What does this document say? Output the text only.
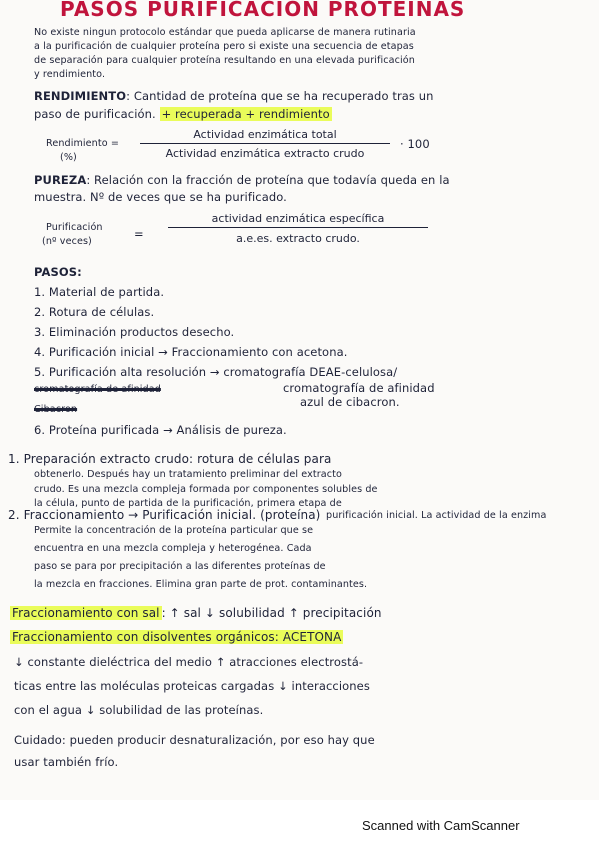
PASOS PURIFICACION PROTEINAS
No existe ningun protocolo estándar que pueda aplicarse de manera rutinaria
a la purificación de cualquier proteína pero si existe una secuencia de etapas
de separación para cualquier proteína resultando en una elevada purificación
y rendimiento.
RENDIMIENTO: Cantidad de proteína que se ha recuperado tras un
paso de purificación. + recuperada + rendimiento
Rendimiento =
(%)
Actividad enzimática total
Actividad enzimática extracto crudo
· 100
PUREZA: Relación con la fracción de proteína que todavía queda en la
muestra. Nº de veces que se ha purificado.
Purificación
(nº veces)
=
actividad enzimática específica
a.e.es. extracto crudo.
PASOS:
1. Material de partida.
2. Rotura de células.
3. Eliminación productos desecho.
4. Purificación inicial → Fraccionamiento con acetona.
5. Purificación alta resolución → cromatografía DEAE-celulosa/
cromatografía de afinidad
azul de cibacron.
cromatografía de afinidad
Cibacron
6. Proteína purificada → Análisis de pureza.
1. Preparación extracto crudo: rotura de células para
obtenerlo. Después hay un tratamiento preliminar del extracto
crudo. Es una mezcla compleja formada por componentes solubles de
la célula, punto de partida de la purificación, primera etapa de
purificación inicial. La actividad de la enzima
2. Fraccionamiento → Purificación inicial. (proteína)
Permite la concentración de la proteína particular que se
encuentra en una mezcla compleja y heterogénea. Cada
paso se para por precipitación a las diferentes proteínas de
la mezcla en fracciones. Elimina gran parte de prot. contaminantes.
Fraccionamiento con sal : ↑ sal ↓ solubilidad ↑ precipitación
Fraccionamiento con disolventes orgánicos: ACETONA
↓ constante dieléctrica del medio ↑ atracciones electrostá-
ticas entre las moléculas proteicas cargadas ↓ interacciones
con el agua ↓ solubilidad de las proteínas.
Cuidado: pueden producir desnaturalización, por eso hay que
usar también frío.
Scanned with CamScanner
